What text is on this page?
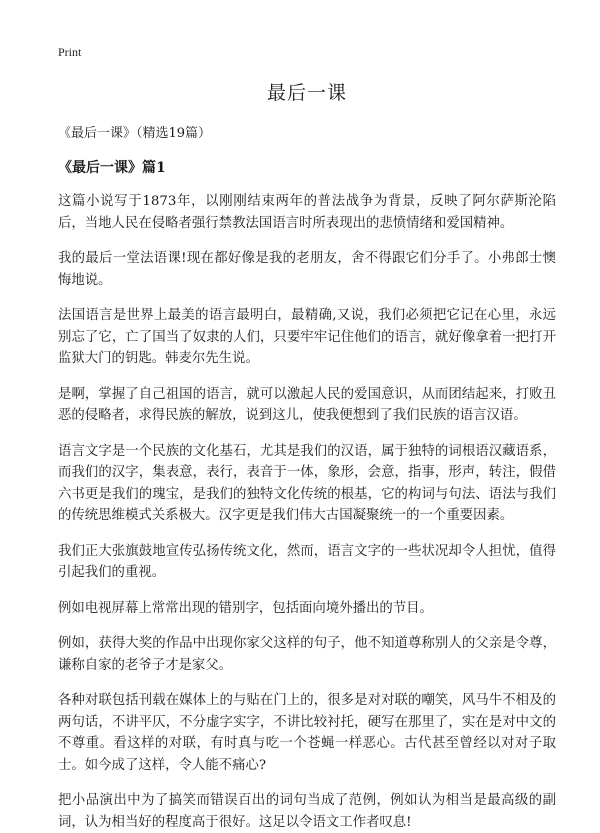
Print
最后一课
《最后一课》（精选19篇）
《最后一课》篇1

这篇小说写于1873年，以刚刚结束两年的普法战争为背景，反映了阿尔萨斯沦陷后，当地人民在侵略者强行禁教法国语言时所表现出的悲愤情绪和爱国精神。

我的最后一堂法语课!现在都好像是我的老朋友，舍不得跟它们分手了。小弗郎士懊悔地说。

法国语言是世界上最美的语言最明白，最精确,又说，我们必须把它记在心里，永远别忘了它，亡了国当了奴隶的人们，只要牢牢记住他们的语言，就好像拿着一把打开监狱大门的钥匙。韩麦尔先生说。

是啊，掌握了自己祖国的语言，就可以激起人民的爱国意识，从而团结起来，打败丑恶的侵略者，求得民族的解放，说到这儿，使我便想到了我们民族的语言汉语。

语言文字是一个民族的文化基石，尤其是我们的汉语，属于独特的词根语汉藏语系，而我们的汉字，集表意，表行，表音于一体，象形，会意，指事，形声，转注，假借六书更是我们的瑰宝，是我们的独特文化传统的根基，它的构词与句法、语法与我们的传统思维模式关系极大。汉字更是我们伟大古国凝聚统一的一个重要因素。

我们正大张旗鼓地宣传弘扬传统文化，然而，语言文字的一些状况却令人担忧，值得引起我们的重视。

例如电视屏幕上常常出现的错别字，包括面向境外播出的节目。

例如，获得大奖的作品中出现你家父这样的句子，他不知道尊称别人的父亲是令尊，谦称自家的老爷子才是家父。

各种对联包括刊载在媒体上的与贴在门上的，很多是对对联的嘲笑，风马牛不相及的两句话，不讲平仄，不分虚字实字，不讲比较衬托，硬写在那里了，实在是对中文的不尊重。看这样的对联，有时真与吃一个苍蝇一样恶心。古代甚至曾经以对对子取士。如今成了这样，令人能不痛心?

把小品演出中为了搞笑而错误百出的词句当成了范例，例如认为相当是最高级的副词，认为相当好的程度高于很好。这足以令语文工作者叹息!
